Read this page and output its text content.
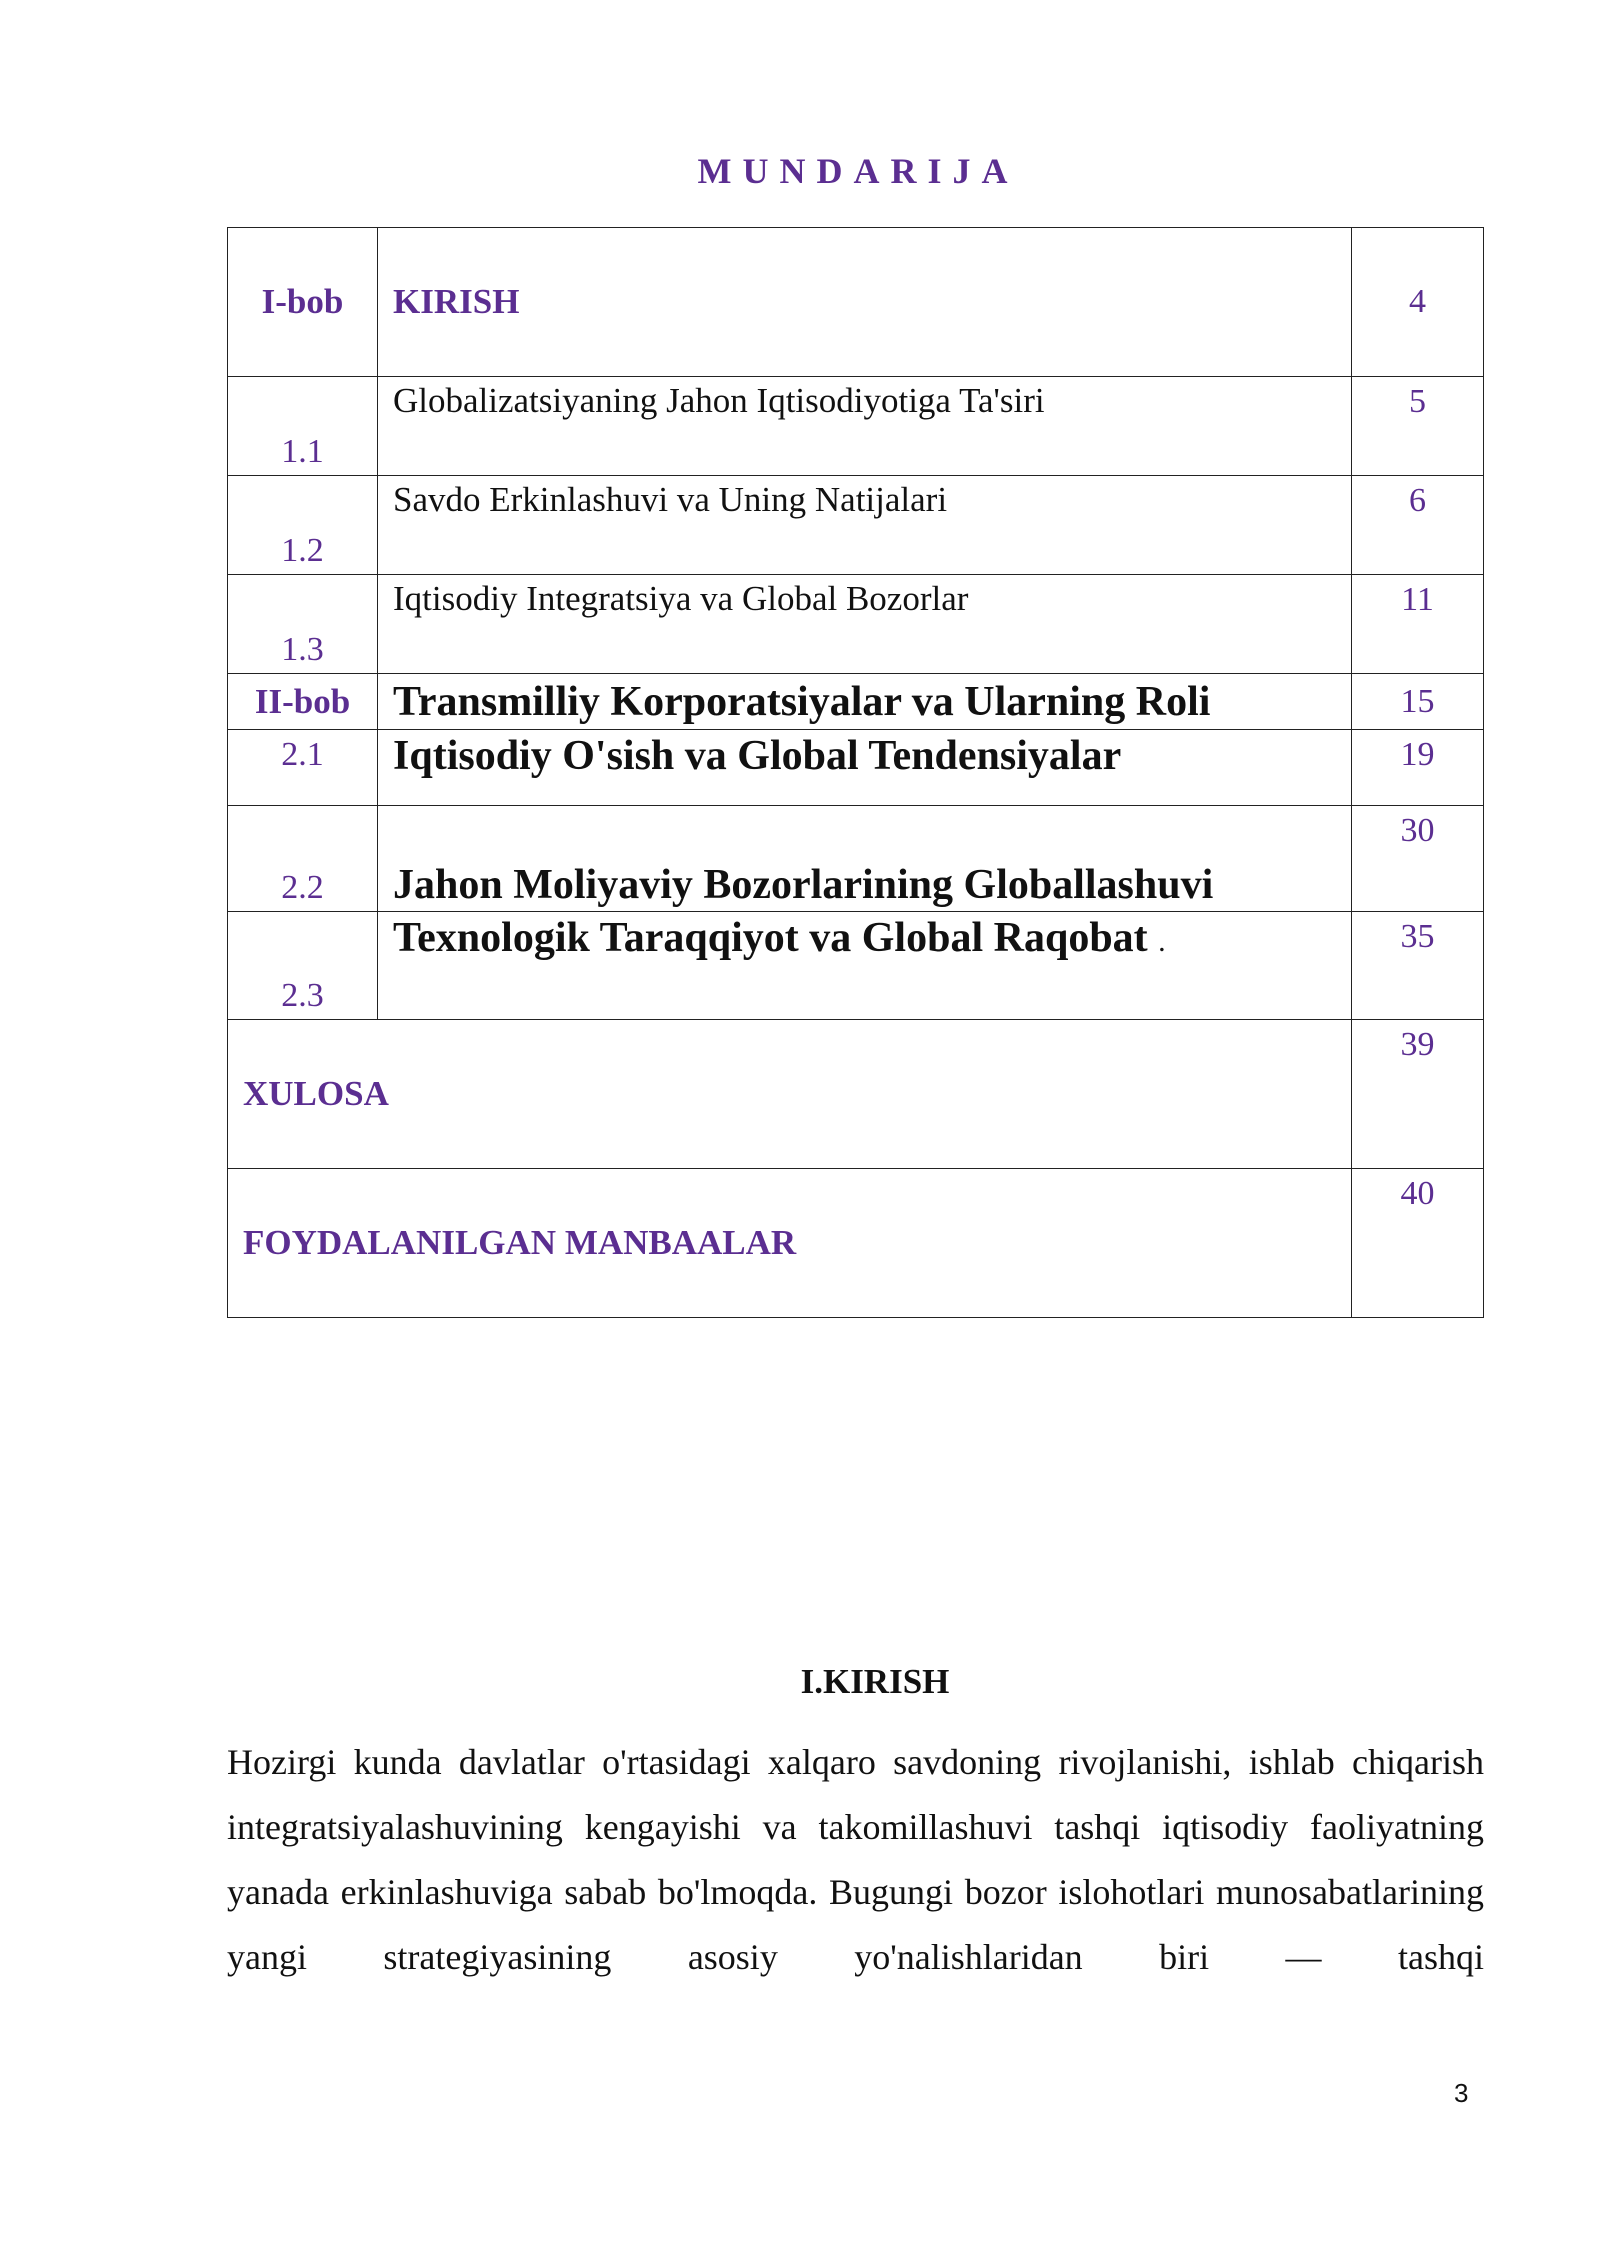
MUNDARIJA
I-bob	KIRISH	4

1.1	Globalizatsiyaning Jahon Iqtisodiyotiga Ta'siri	5

1.2	Savdo Erkinlashuvi va Uning Natijalari	6

1.3	Iqtisodiy Integratsiya va Global Bozorlar	11

II-bob	Transmilliy Korporatsiyalar va Ularning Roli	15

2.1	Iqtisodiy O'sish va Global Tendensiyalar	19

2.2	Jahon Moliyaviy Bozorlarining Globallashuvi	30

2.3	Texnologik Taraqqiyot va Global Raqobat .	35

XULOSA		39

FOYDALANILGAN MANBAALAR		40
I.KIRISH
Hozirgi kunda davlatlar o'rtasidagi xalqaro savdoning rivojlanishi, ishlab chiqarish integratsiyalashuvining kengayishi va takomillashuvi tashqi iqtisodiy faoliyatning yanada erkinlashuviga sabab bo'lmoqda. Bugungi bozor islohotlari munosabatlarining yangi strategiyasining asosiy yo'nalishlaridan biri — tashqi
3
